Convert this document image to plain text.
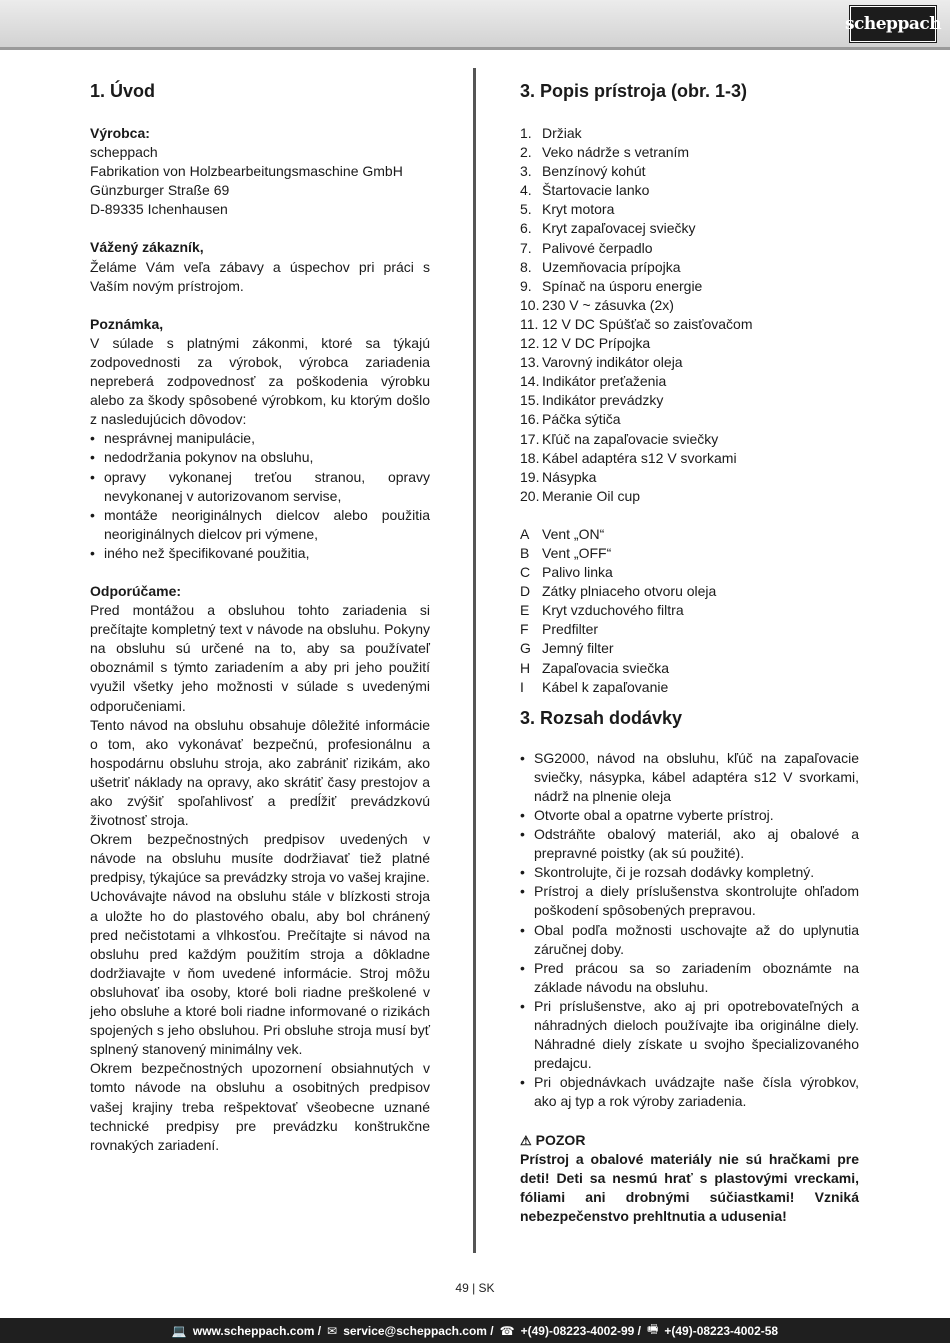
scheppach
1. Úvod
Výrobca:
scheppach
Fabrikation von Holzbearbeitungsmaschine GmbH
Günzburger Straße 69
D-89335 Ichenhausen
Vážený zákazník,

Želáme Vám veľa zábavy a úspechov pri práci s Vaším novým prístrojom.

Poznámka,

V súlade s platnými zákonmi, ktoré sa týkajú zodpovednosti za výrobok, výrobca zariadenia nepreberá zodpovednosť za poškodenia výrobku alebo za škody spôsobené výrobkom, ku ktorým došlo z nasledujúcich dôvodov:

• nesprávnej manipulácie,
• nedodržania pokynov na obsluhu,
• opravy vykonanej treťou stranou, opravy nevykonanej v autorizovanom servise,
• montáže neoriginálnych dielcov alebo použitia neoriginálnych dielcov pri výmene,
• iného než špecifikované použitia,
Odporúčame:

Pred montážou a obsluhou tohto zariadenia si prečítajte kompletný text v návode na obsluhu. Pokyny na obsluhu sú určené na to, aby sa používateľ oboznámil s týmto zariadením a aby pri jeho použití využil všetky jeho možnosti v súlade s uvedenými odporučeniami.

Tento návod na obsluhu obsahuje dôležité informácie o tom, ako vykonávať bezpečnú, profesionálnu a hospodárnu obsluhu stroja, ako zabrániť rizikám, ako ušetriť náklady na opravy, ako skrátiť časy prestojov a ako zvýšiť spoľahlivosť a predĺžiť prevádzkovú životnosť stroja.

Okrem bezpečnostných predpisov uvedených v návode na obsluhu musíte dodržiavať tiež platné predpisy, týkajúce sa prevádzky stroja vo vašej krajine.

Uchovávajte návod na obsluhu stále v blízkosti stroja a uložte ho do plastového obalu, aby bol chránený pred nečistotami a vlhkosťou. Prečítajte si návod na obsluhu pred každým použitím stroja a dôkladne dodržiavajte v ňom uvedené informácie. Stroj môžu obsluhovať iba osoby, ktoré boli riadne preškolené v jeho obsluhe a ktoré boli riadne informované o rizikách spojených s jeho obsluhou. Pri obsluhe stroja musí byť splnený stanovený minimálny vek.

Okrem bezpečnostných upozornení obsiahnutých v tomto návode na obsluhu a osobitných predpisov vašej krajiny treba rešpektovať všeobecne uznané technické predpisy pre prevádzku konštrukčne rovnakých zariadení.

3. Popis prístroja (obr. 1-3)
1. Držiak
2. Veko nádrže s vetraním
3. Benzínový kohút
4. Štartovacie lanko
5. Kryt motora
6. Kryt zapaľovacej sviečky
7. Palivové čerpadlo
8. Uzemňovacia prípojka
9. Spínač na úsporu energie
10. 230 V ~ zásuvka (2x)
11. 12 V DC Spúšťač so zaisťovačom
12. 12 V DC Prípojka
13. Varovný indikátor oleja
14. Indikátor preťaženia
15. Indikátor prevádzky
16. Páčka sýtiča
17. Kľúč na zapaľovacie sviečky
18. Kábel adaptéra s12 V svorkami
19. Násypka
20. Meranie Oil cup
A Vent „ON“
B Vent „OFF“
C Palivo linka
D Zátky plniaceho otvoru oleja
E Kryt vzduchového filtra
F Predfilter
G Jemný filter
H Zapaľovacia sviečka
I	Kábel k zapaľovanie
3. Rozsah dodávky
• SG2000, návod na obsluhu, kľúč na zapaľovacie sviečky, násypka, kábel adaptéra s12 V svorkami, nádrž na plnenie oleja
• Otvorte obal a opatrne vyberte prístroj.
• Odstráňte obalový materiál, ako aj obalové a prepravné poistky (ak sú použité).
• Skontrolujte, či je rozsah dodávky kompletný.
• Prístroj a diely príslušenstva skontrolujte ohľadom poškodení spôsobených prepravou.
• Obal podľa možnosti uschovajte až do uplynutia záručnej doby.
• Pred prácou sa so zariadením oboznámte na základe návodu na obsluhu.
• Pri príslušenstve, ako aj pri opotrebovateľných a náhradných dieloch používajte iba originálne diely. Náhradné diely získate u svojho špecializovaného predajcu.
• Pri objednávkach uvádzajte naše čísla výrobkov, ako aj typ a rok výroby zariadenia.
⚠ POZOR

Prístroj a obalové materiály nie sú hračkami pre deti! Deti sa nesmú hrať s plastovými vreckami, fóliami ani drobnými súčiastkami! Vzniká nebezpečenstvo prehltnutia a udusenia!

49 | SK
💻 www.scheppach.com / ✉ service@scheppach.com / ☎ +(49)-08223-4002-99 / 🖷 +(49)-08223-4002-58
